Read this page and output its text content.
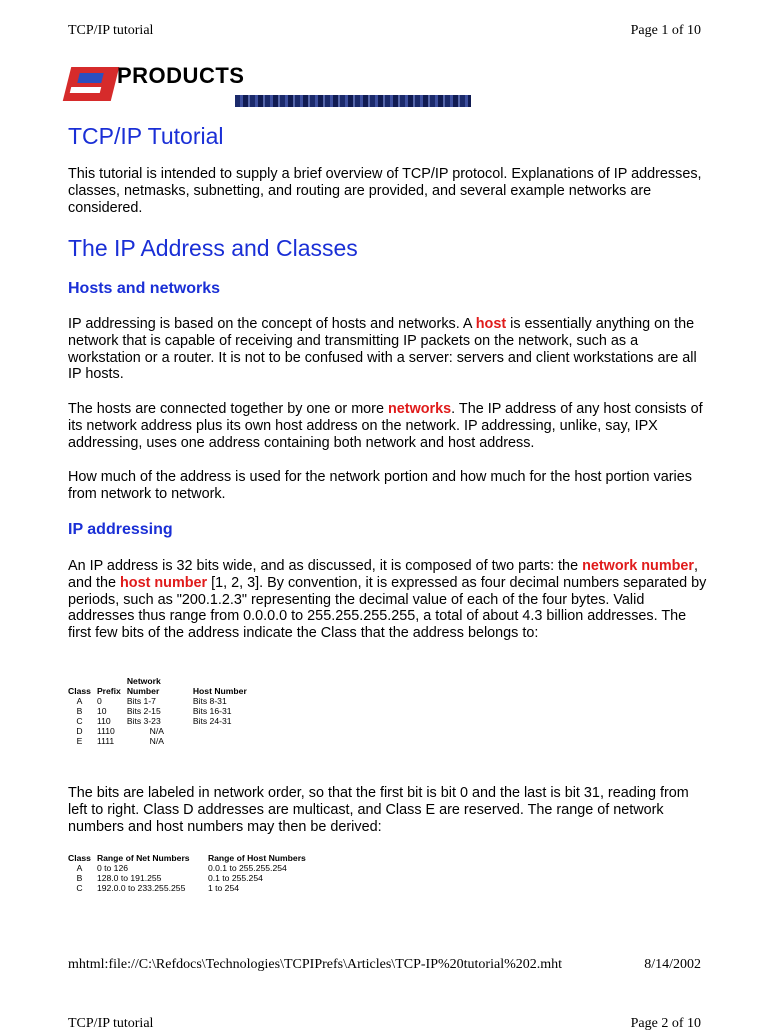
TCP/IP tutorial	Page 1 of 10
PRODUCTS
TCP/IP Tutorial

This tutorial is intended to supply a brief overview of TCP/IP protocol. Explanations of IP addresses, classes, netmasks, subnetting, and routing are provided, and several example networks are considered.

The IP Address and Classes
Hosts and networks

IP addressing is based on the concept of hosts and networks. A host is essentially anything on the network that is capable of receiving and transmitting IP packets on the network, such as a workstation or a router. It is not to be confused with a server: servers and client workstations are all IP hosts.

The hosts are connected together by one or more networks. The IP address of any host consists of its network address plus its own host address on the network. IP addressing, unlike, say, IPX addressing, uses one address containing both network and host address.

How much of the address is used for the network portion and how much for the host portion varies from network to network.

IP addressing

An IP address is 32 bits wide, and as discussed, it is composed of two parts: the network number, and the host number [1, 2, 3]. By convention, it is expressed as four decimal numbers separated by periods, such as "200.1.2.3" representing the decimal value of each of the four bytes. Valid addresses thus range from 0.0.0.0 to 255.255.255.255, a total of about 4.3 billion addresses. The first few bits of the address indicate the Class that the address belongs to:

Class	Prefix	Network Number	Host Number
A	0	Bits 1-7	Bits 8-31
B	10	Bits 2-15	Bits 16-31
C	110	Bits 3-23	Bits 24-31
D	1110	N/A	
E	1111	N/A	

The bits are labeled in network order, so that the first bit is bit 0 and the last is bit 31, reading from left to right. Class D addresses are multicast, and Class E are reserved. The range of network numbers and host numbers may then be derived:

Class	Range of Net Numbers	Range of Host Numbers
A	0 to 126	0.0.1 to 255.255.254
B	128.0 to 191.255	0.1 to 255.254
C	192.0.0 to 233.255.255	1 to 254
mhtml:file://C:\Refdocs\Technologies\TCPIPrefs\Articles\TCP-IP%20tutorial%202.mht	8/14/2002
TCP/IP tutorial	Page 2 of 10
